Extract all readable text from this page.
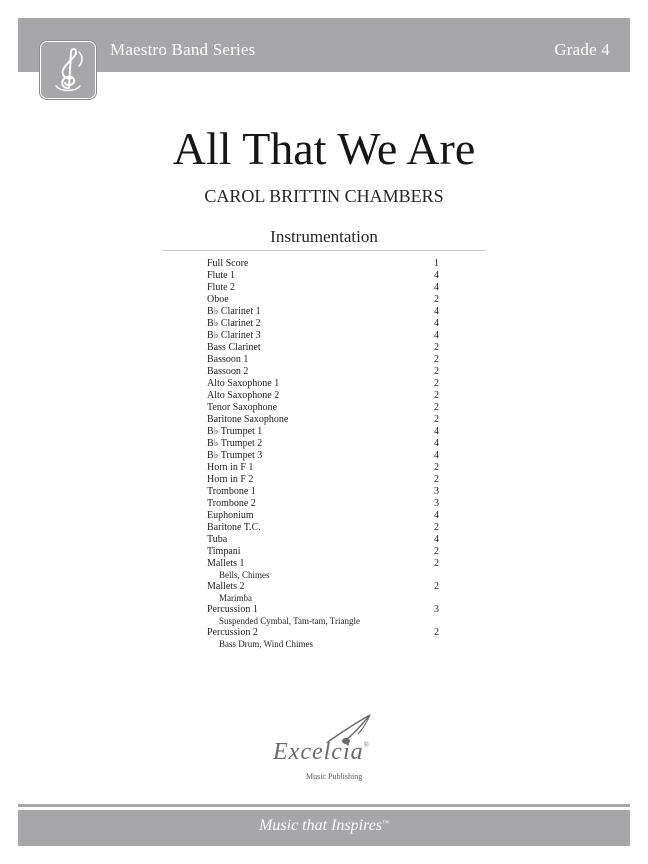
Maestro Band Series	Grade 4
All That We Are
CAROL BRITTIN CHAMBERS
Instrumentation
Full Score	1
Flute 1	4
Flute 2	4
Oboe	2
B♭ Clarinet 1	4
B♭ Clarinet 2	4
B♭ Clarinet 3	4
Bass Clarinet	2
Bassoon 1	2
Bassoon 2	2
Alto Saxophone 1	2
Alto Saxophone 2	2
Tenor Saxophone	2
Baritone Saxophone	2
B♭ Trumpet 1	4
B♭ Trumpet 2	4
B♭ Trumpet 3	4
Horn in F 1	2
Horn in F 2	2
Trombone 1	3
Trombone 2	3
Euphonium	4
Baritone T.C.	2
Tuba	4
Timpani	2
Mallets 1	2
Bells, Chimes
Mallets 2	2
Marimba
Percussion 1	3
Suspended Cymbal, Tam-tam, Triangle
Percussion 2	2
Bass Drum, Wind Chimes
Excelcia®
Music Publishing
Music that Inspires™
